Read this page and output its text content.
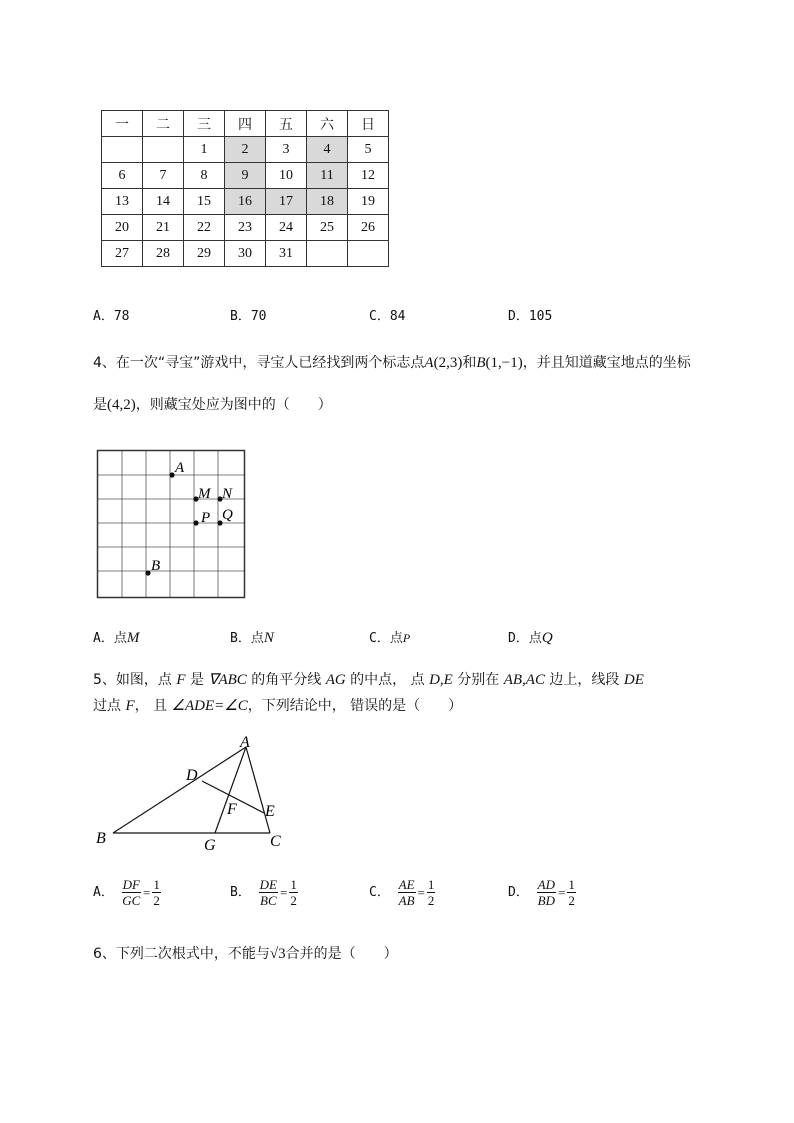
一	二	三	四	五	六	日
		1	2	3	4	5
6	7	8	9	10	11	12
13	14	15	16	17	18	19
20	21	22	23	24	25	26
27	28	29	30	31		
A．78	B．70	C．84	D．105
4、在一次“寻宝”游戏中，寻宝人已经找到两个标志点A(2,3)和B(1,−1)，并且知道藏宝地点的坐标
是(4,2)，则藏宝处应为图中的（　　）
A
M N
P Q
B
A．点M	B．点N	C．点P	D．点Q
5、如图，点 F 是 ∇ABC 的角平分线 AG 的中点， 点 D,E 分别在 AB,AC 边上，线段 DE
过点 F， 且 ∠ADE=∠C，下列结论中， 错误的是（　　）
A
B	C
D
E
F
G
A． $\frac{DF}{GC} = \frac{1}{2}$	B． $\frac{DE}{BC} = \frac{1}{2}$	C． $\frac{AE}{AB} = \frac{1}{2}$	D． $\frac{AD}{BD} = \frac{1}{2}$
6、下列二次根式中，不能与√3合并的是（　　）
